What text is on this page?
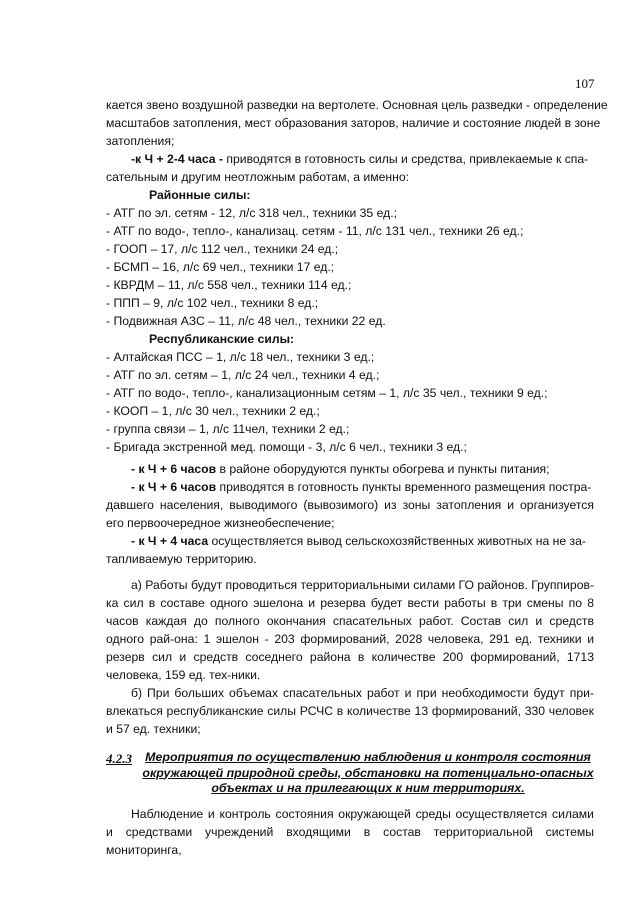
107

кается звено воздушной разведки на вертолете. Основная цель разведки - определение

масштабов затопления, мест образования заторов, наличие и состояние людей в зоне

затопления;

-к Ч + 2-4 часа - приводятся в готовность силы и средства, привлекаемые к спа-

сательным и другим неотложным работам, а именно:

Районные силы:

- АТГ по эл. сетям - 12, л/с 318 чел., техники 35 ед.;

- АТГ по водо-, тепло-, канализац. сетям - 11, л/с 131 чел., техники 26 ед.;

- ГООП – 17, л/с 112 чел., техники 24 ед.;

- БСМП – 16, л/с 69 чел., техники 17 ед.;

- КВРДМ – 11, л/с 558 чел., техники 114 ед.;

- ППП – 9, л/с 102 чел., техники 8 ед.;

- Подвижная АЗС – 11, л/с 48 чел., техники 22 ед.

Республиканские силы:

- Алтайская ПСС – 1, л/с 18 чел., техники 3 ед.;

- АТГ по эл. сетям – 1, л/с 24 чел., техники 4 ед.;

- АТГ по водо-, тепло-, канализационным сетям – 1, л/с 35 чел., техники 9 ед.;

- КООП – 1, л/с 30 чел., техники 2 ед.;

- группа связи – 1, л/с 11чел, техники 2 ед.;

- Бригада экстренной мед. помощи - 3, л/с 6 чел., техники 3 ед.;

- к Ч + 6 часов в районе оборудуются пункты обогрева и пункты питания;

- к Ч + 6 часов приводятся в готовность пункты временного размещения постра-

давшего населения, выводимого (вывозимого) из зоны затопления и организуется его первоочередное жизнеобеспечение;

- к Ч + 4 часа осуществляется вывод сельскохозяйственных животных на не за-

тапливаемую территорию.

а) Работы будут проводиться территориальными силами ГО районов. Группиров-ка сил в составе одного эшелона и резерва будет вести работы в три смены по 8 часов каждая до полного окончания спасательных работ. Состав сил и средств одного рай-она: 1 эшелон - 203 формирований, 2028 человека, 291 ед. техники и резерв сил и средств соседнего района в количестве 200 формирований, 1713 человека, 159 ед. тех-ники.

б) При больших объемах спасательных работ и при необходимости будут при-влекаться республиканские силы РСЧС в количестве 13 формирований, 330 человек и 57 ед. техники;

4.2.3	Мероприятия по осуществлению наблюдения и контроля состояния
окружающей природной среды, обстановки на потенциально-опасных
объектах и на прилегающих к ним территориях.

Наблюдение и контроль состояния окружающей среды осуществляется силами и средствами учреждений входящими в состав территориальной системы мониторинга,
